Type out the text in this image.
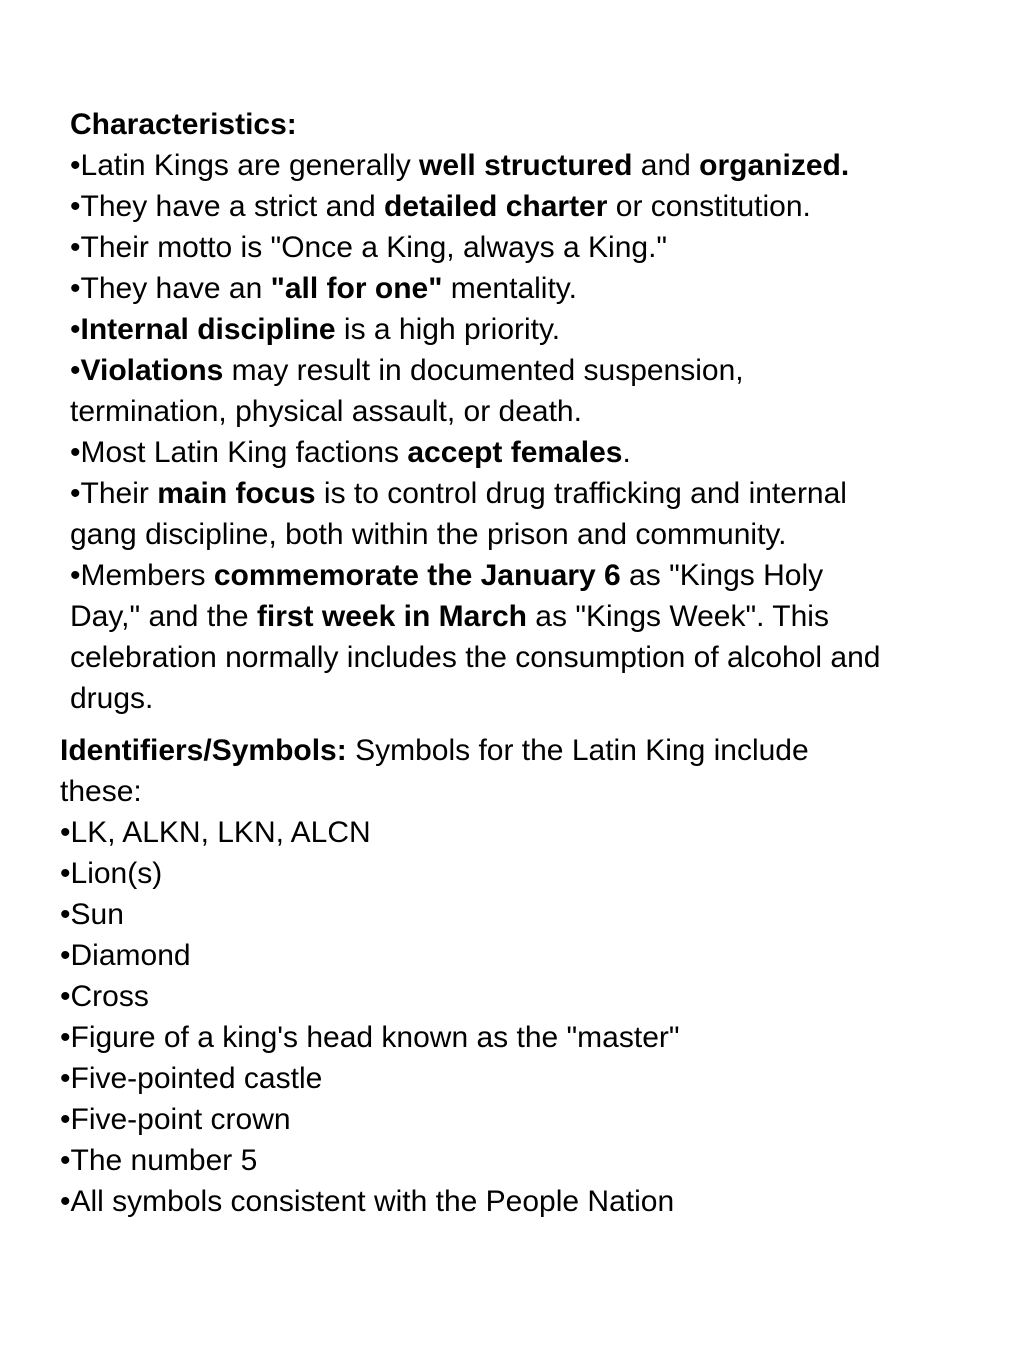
Characteristics:
•Latin Kings are generally well structured and organized.
•They have a strict and detailed charter or constitution.
•Their motto is "Once a King, always a King."
•They have an "all for one" mentality.
•Internal discipline is a high priority.
•Violations may result in documented suspension,
termination, physical assault, or death.
•Most Latin King factions accept females.
•Their main focus is to control drug trafficking and internal
gang discipline, both within the prison and community.
•Members commemorate the January 6 as "Kings Holy
Day," and the first week in March as "Kings Week". This
celebration normally includes the consumption of alcohol and
drugs.
Identifiers/Symbols: Symbols for the Latin King include
these:
•LK, ALKN, LKN, ALCN
•Lion(s)
•Sun
•Diamond
•Cross
•Figure of a king's head known as the "master"
•Five-pointed castle
•Five-point crown
•The number 5
•All symbols consistent with the People Nation
